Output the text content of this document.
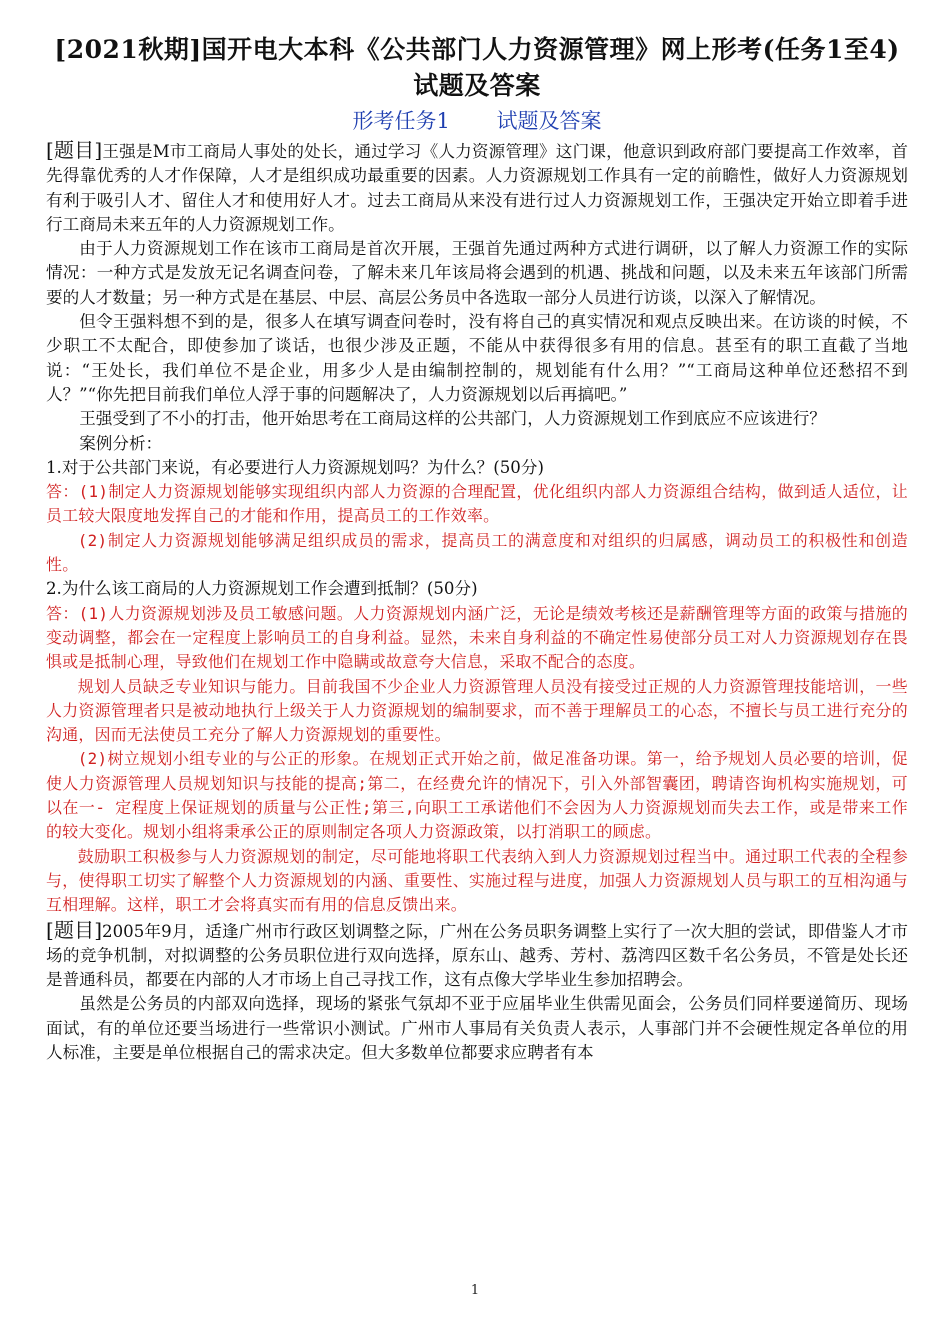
[2021秋期]国开电大本科《公共部门人力资源管理》网上形考(任务1至4)
试题及答案
形考任务1 试题及答案

[题目]王强是M市工商局人事处的处长，通过学习《人力资源管理》这门课，他意识到政府部门要提高工作效率，首先得靠优秀的人才作保障，人才是组织成功最重要的因素。人力资源规划工作具有一定的前瞻性，做好人力资源规划有利于吸引人才、留住人才和使用好人才。过去工商局从来没有进行过人力资源规划工作，王强决定开始立即着手进行工商局未来五年的人力资源规划工作。

由于人力资源规划工作在该市工商局是首次开展，王强首先通过两种方式进行调研，以了解人力资源工作的实际情况：一种方式是发放无记名调查问卷，了解未来几年该局将会遇到的机遇、挑战和问题，以及未来五年该部门所需要的人才数量；另一种方式是在基层、中层、高层公务员中各选取一部分人员进行访谈，以深入了解情况。

但令王强料想不到的是，很多人在填写调查问卷时，没有将自己的真实情况和观点反映出来。在访谈的时候，不少职工不太配合，即使参加了谈话，也很少涉及正题，不能从中获得很多有用的信息。甚至有的职工直截了当地说：“王处长，我们单位不是企业，用多少人是由编制控制的，规划能有什么用？”“工商局这种单位还愁招不到人？”“你先把目前我们单位人浮于事的问题解决了，人力资源规划以后再搞吧。”

王强受到了不小的打击，他开始思考在工商局这样的公共部门，人力资源规划工作到底应不应该进行？

案例分析：

1.对于公共部门来说，有必要进行人力资源规划吗？为什么？(50分)

答：(1)制定人力资源规划能够实现组织内部人力资源的合理配置，优化组织内部人力资源组合结构，做到适人适位，让员工较大限度地发挥自己的才能和作用，提高员工的工作效率。

(2)制定人力资源规划能够满足组织成员的需求，提高员工的满意度和对组织的归属感，调动员工的积极性和创造性。

2.为什么该工商局的人力资源规划工作会遭到抵制？(50分)

答：(1)人力资源规划涉及员工敏感问题。人力资源规划内涵广泛，无论是绩效考核还是薪酬管理等方面的政策与措施的变动调整，都会在一定程度上影响员工的自身利益。显然，未来自身利益的不确定性易使部分员工对人力资源规划存在畏惧或是抵制心理，导致他们在规划工作中隐瞒或故意夸大信息，采取不配合的态度。

规划人员缺乏专业知识与能力。目前我国不少企业人力资源管理人员没有接受过正规的人力资源管理技能培训，一些人力资源管理者只是被动地执行上级关于人力资源规划的编制要求，而不善于理解员工的心态，不擅长与员工进行充分的沟通，因而无法使员工充分了解人力资源规划的重要性。

(2)树立规划小组专业的与公正的形象。在规划正式开始之前，做足准备功课。第一，给予规划人员必要的培训，促使人力资源管理人员规划知识与技能的提高;第二，在经费允许的情况下，引入外部智囊团，聘请咨询机构实施规划，可以在一- 定程度上保证规划的质量与公正性;第三,向职工工承诺他们不会因为人力资源规划而失去工作，或是带来工作的较大变化。规划小组将秉承公正的原则制定各项人力资源政策，以打消职工的顾虑。

鼓励职工积极参与人力资源规划的制定，尽可能地将职工代表纳入到人力资源规划过程当中。通过职工代表的全程参与，使得职工切实了解整个人力资源规划的内涵、重要性、实施过程与进度，加强人力资源规划人员与职工的互相沟通与互相理解。这样，职工才会将真实而有用的信息反馈出来。

[题目]2005年9月，适逢广州市行政区划调整之际，广州在公务员职务调整上实行了一次大胆的尝试，即借鉴人才市场的竞争机制，对拟调整的公务员职位进行双向选择，原东山、越秀、芳村、荔湾四区数千名公务员，不管是处长还是普通科员，都要在内部的人才市场上自己寻找工作，这有点像大学毕业生参加招聘会。

虽然是公务员的内部双向选择，现场的紧张气氛却不亚于应届毕业生供需见面会，公务员们同样要递简历、现场面试，有的单位还要当场进行一些常识小测试。广州市人事局有关负责人表示，人事部门并不会硬性规定各单位的用人标准，主要是单位根据自己的需求决定。但大多数单位都要求应聘者有本

1
